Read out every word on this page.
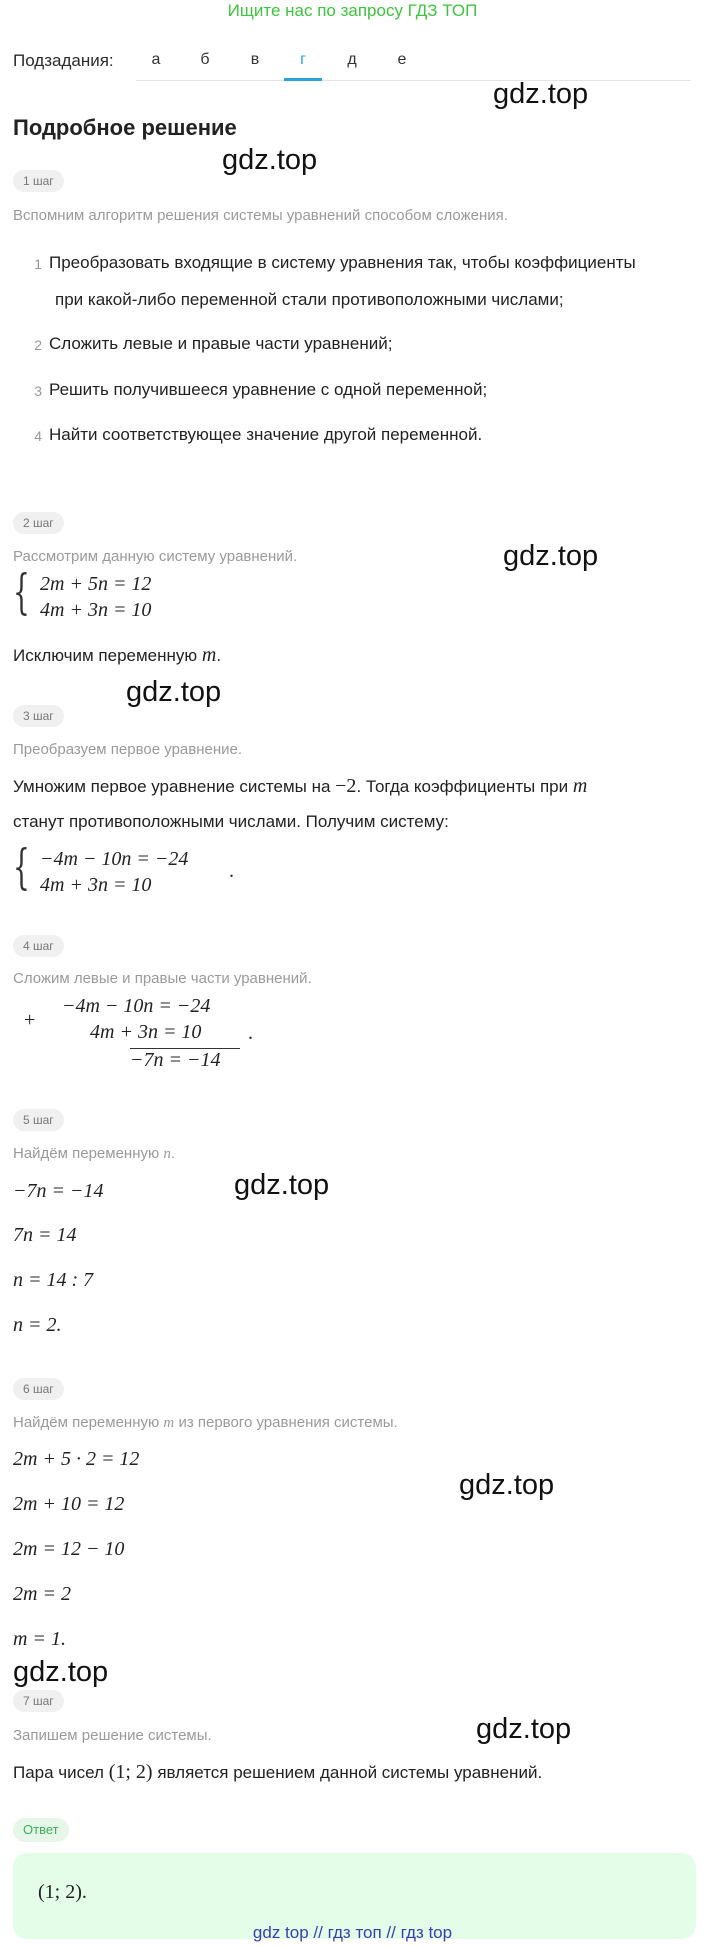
Ищите нас по запросу ГДЗ ТОП
Подзадания:	а	б	в	г	д	е
Подробное решение
gdz.top
gdz.top
gdz.top
gdz.top
gdz.top
gdz.top
gdz.top
gdz.top
1 шаг
Вспомним алгоритм решения системы уравнений способом сложения.
1 Преобразовать входящие в систему уравнения так, чтобы коэффициенты
при какой-либо переменной стали противоположными числами;
2 Сложить левые и правые части уравнений;
3 Решить получившееся уравнение с одной переменной;
4 Найти соответствующее значение другой переменной.
2 шаг
Рассмотрим данную систему уравнений.
{ 2m + 5n = 12
4m + 3n = 10
Исключим переменную m.
3 шаг
Преобразуем первое уравнение.
Умножим первое уравнение системы на −2. Тогда коэффициенты при m
станут противоположными числами. Получим систему:
{ −4m − 10n = −24
4m + 3n = 10
.
4 шаг
Сложим левые и правые части уравнений.
+
−4m − 10n = −24
4m + 3n = 10
−7n = −14
.
5 шаг
Найдём переменную n.
−7n = −14
7n = 14
n = 14 : 7
n = 2.
6 шаг
Найдём переменную m из первого уравнения системы.
2m + 5 · 2 = 12
2m + 10 = 12
2m = 12 − 10
2m = 2
m = 1.
7 шаг
Запишем решение системы.
Пара чисел (1; 2) является решением данной системы уравнений.
Ответ
(1; 2).
gdz top // гдз топ // гдз top
